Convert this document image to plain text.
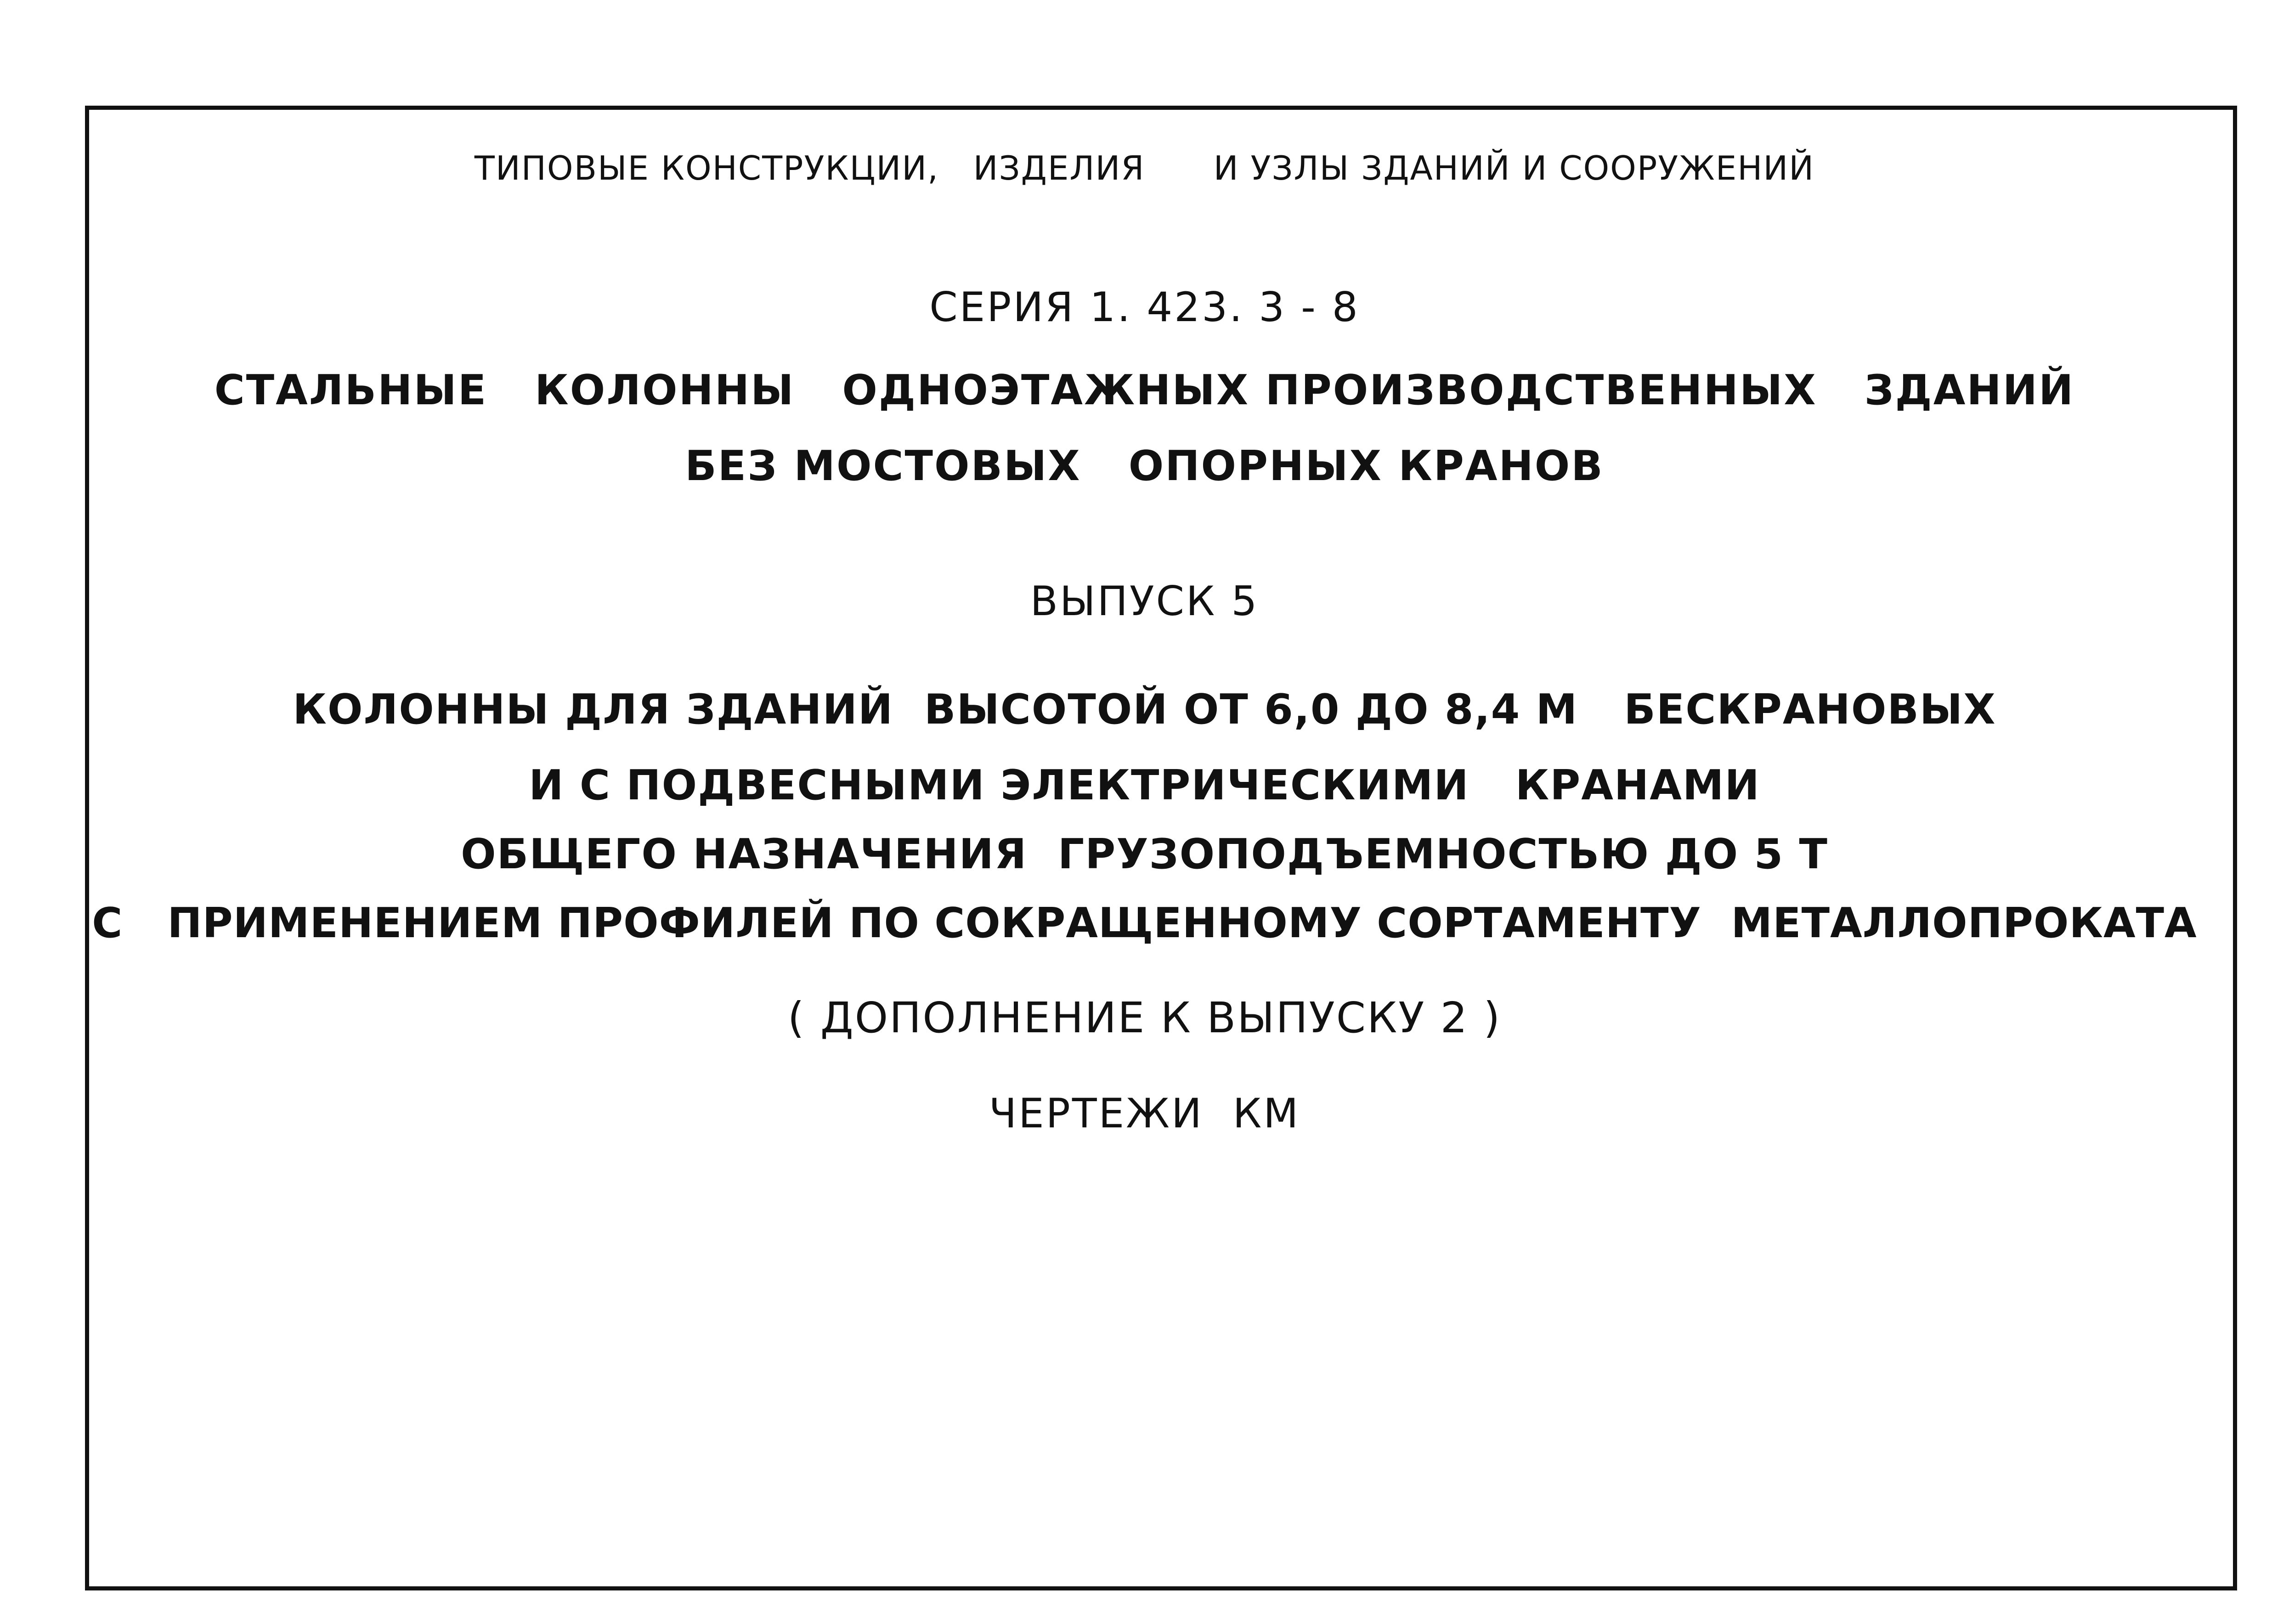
ТИПОВЫЕ КОНСТРУКЦИИ,   ИЗДЕЛИЯ      И УЗЛЫ ЗДАНИЙ И СООРУЖЕНИЙ
СЕРИЯ 1. 423. 3 - 8
СТАЛЬНЫЕ   КОЛОННЫ   ОДНОЭТАЖНЫХ ПРОИЗВОДСТВЕННЫХ   ЗДАНИЙ
БЕЗ МОСТОВЫХ   ОПОРНЫХ КРАНОВ
ВЫПУСК 5
КОЛОННЫ ДЛЯ ЗДАНИЙ  ВЫСОТОЙ ОТ 6,0 ДО 8,4 М   БЕСКРАНОВЫХ
И С ПОДВЕСНЫМИ ЭЛЕКТРИЧЕСКИМИ   КРАНАМИ
ОБЩЕГО НАЗНАЧЕНИЯ  ГРУЗОПОДЪЕМНОСТЬЮ ДО 5 Т
С   ПРИМЕНЕНИЕМ ПРОФИЛЕЙ ПО СОКРАЩЕННОМУ СОРТАМЕНТУ  МЕТАЛЛОПРОКАТА
( ДОПОЛНЕНИЕ К ВЫПУСКУ 2 )
ЧЕРТЕЖИ  КМ
